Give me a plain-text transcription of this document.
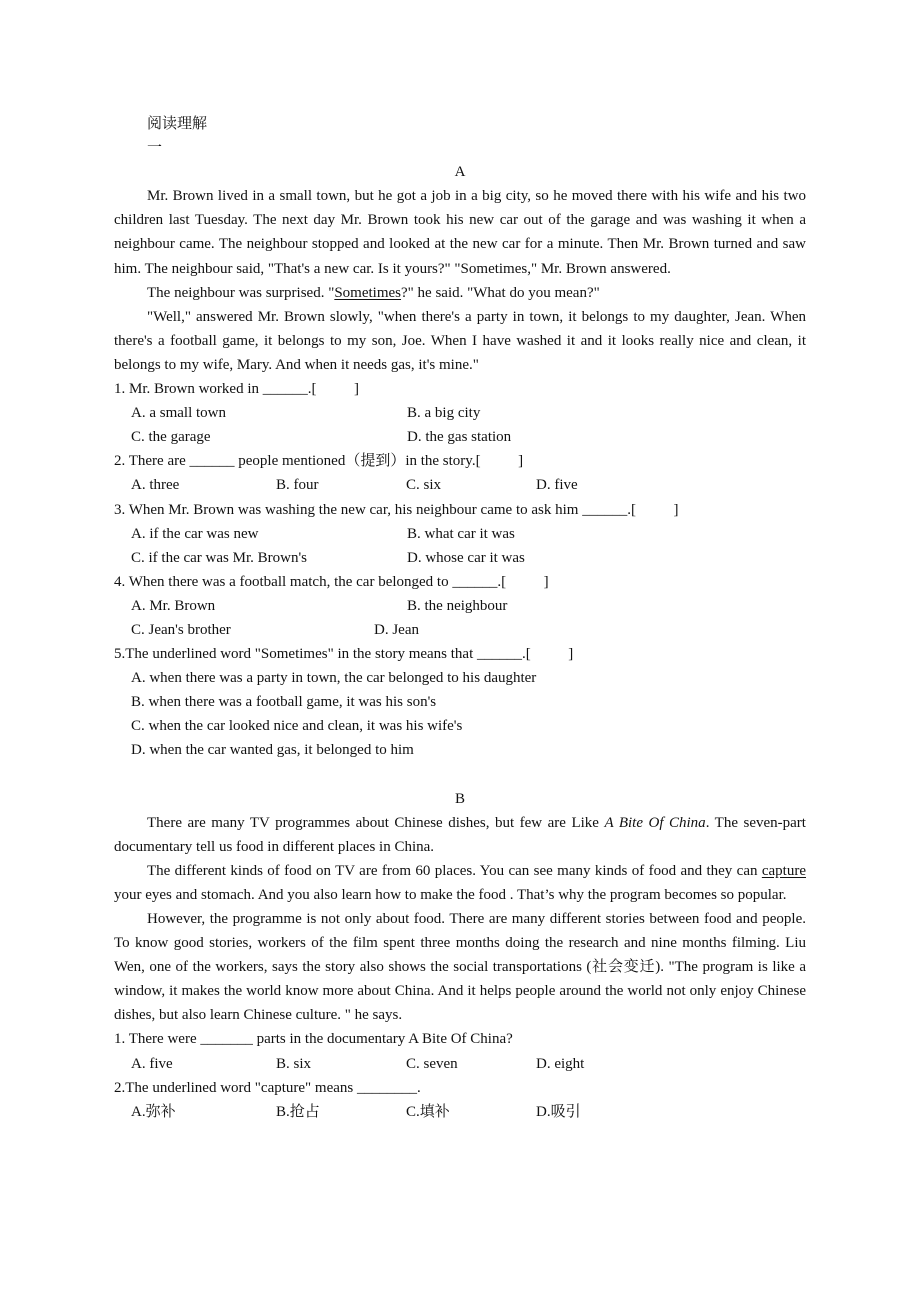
阅读理解
一
A

Mr. Brown lived in a small town, but he got a job in a big city, so he moved there with his wife and his two children last Tuesday. The next day Mr. Brown took his new car out of the garage and was washing it when a neighbour came. The neighbour stopped and looked at the new car for a minute. Then Mr. Brown turned and saw him. The neighbour said, "That's a new car. Is it yours?" "Sometimes," Mr. Brown answered.

The neighbour was surprised. "Sometimes?" he said. "What do you mean?"

"Well," answered Mr. Brown slowly, "when there's a party in town, it belongs to my daughter, Jean. When there's a football game, it belongs to my son, Joe. When I have washed it and it looks really nice and clean, it belongs to my wife, Mary. And when it needs gas, it's mine."

1. Mr. Brown worked in ______.[          ]
A. a small town	B. a big city
C. the garage	D. the gas station
2. There are ______ people mentioned（提到）in the story.[          ]
A. three	B. four	C. six	D. five
3. When Mr. Brown was washing the new car, his neighbour came to ask him ______.[          ]
A. if the car was new	B. what car it was
C. if the car was Mr. Brown's	D. whose car it was
4. When there was a football match, the car belonged to ______.[          ]
A. Mr. Brown	B. the neighbour
C. Jean's brother	D. Jean
5.The underlined word "Sometimes" in the story means that ______.[          ]
A. when there was a party in town, the car belonged to his daughter
B. when there was a football game, it was his son's
C. when the car looked nice and clean, it was his wife's
D. when the car wanted gas, it belonged to him
B

There are many TV programmes about Chinese dishes, but few are Like A Bite Of China. The seven-part documentary tell us food in different places in China.

The different kinds of food on TV are from 60 places. You can see many kinds of food and they can capture your eyes and stomach. And you also learn how to make the food . That’s why the program becomes so popular.

However, the programme is not only about food. There are many different stories between food and people. To know good stories, workers of the film spent three months doing the research and nine months filming. Liu Wen, one of the workers, says the story also shows the social transportations (社会变迁). "The program is like a window, it makes the world know more about China. And it helps people around the world not only enjoy Chinese dishes, but also learn Chinese culture. " he says.

1. There were _______ parts in the documentary A Bite Of China?
A. five	B. six	C. seven	D. eight
2.The underlined word "capture" means ________.
A.弥补	B.抢占	C.填补	D.吸引
